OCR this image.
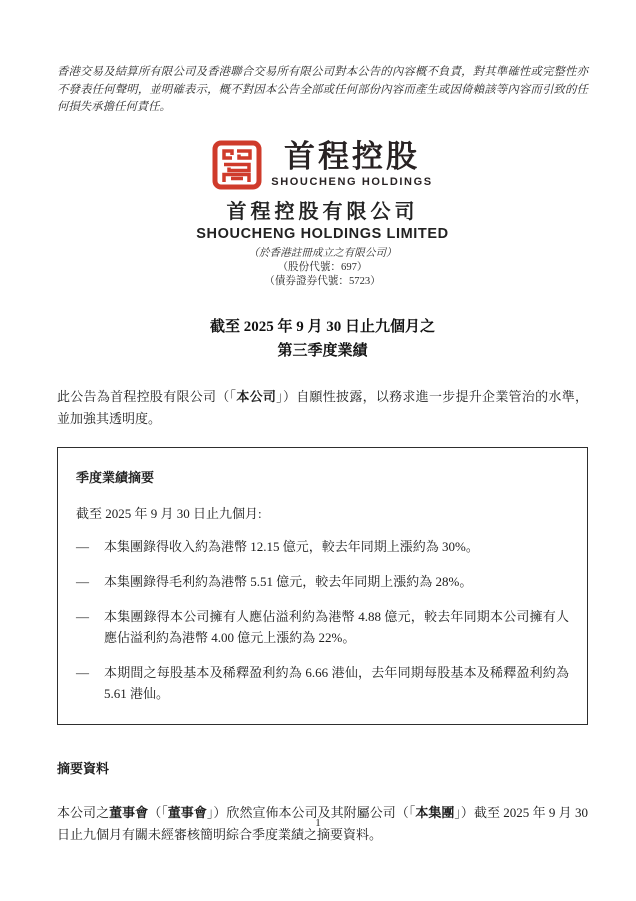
香港交易及結算所有限公司及香港聯合交易所有限公司對本公告的內容概不負責，對其準確性或完整性亦不發表任何聲明，並明確表示，概不對因本公告全部或任何部份內容而產生或因倚賴該等內容而引致的任何損失承擔任何責任。

首程控股
SHOUCHENG HOLDINGS
首程控股有限公司
SHOUCHENG HOLDINGS LIMITED
（於香港註冊成立之有限公司）
（股份代號：697）
（債券證券代號：5723）
截至 2025 年 9 月 30 日止九個月之
第三季度業績

此公告為首程控股有限公司（「本公司」）自願性披露，以務求進一步提升企業管治的水準，並加強其透明度。

季度業績摘要
截至 2025 年 9 月 30 日止九個月:
—	本集團錄得收入約為港幣 12.15 億元，較去年同期上漲約為 30%。
—	本集團錄得毛利約為港幣 5.51 億元，較去年同期上漲約為 28%。
—	本集團錄得本公司擁有人應佔溢利約為港幣 4.88 億元，較去年同期本公司擁有人應佔溢利約為港幣 4.00 億元上漲約為 22%。
—	本期間之每股基本及稀釋盈利約為 6.66 港仙，去年同期每股基本及稀釋盈利約為 5.61 港仙。
摘要資料

本公司之董事會（「董事會」）欣然宣佈本公司及其附屬公司（「本集團」）截至 2025 年 9 月 30 日止九個月有關未經審核簡明綜合季度業績之摘要資料。

1
